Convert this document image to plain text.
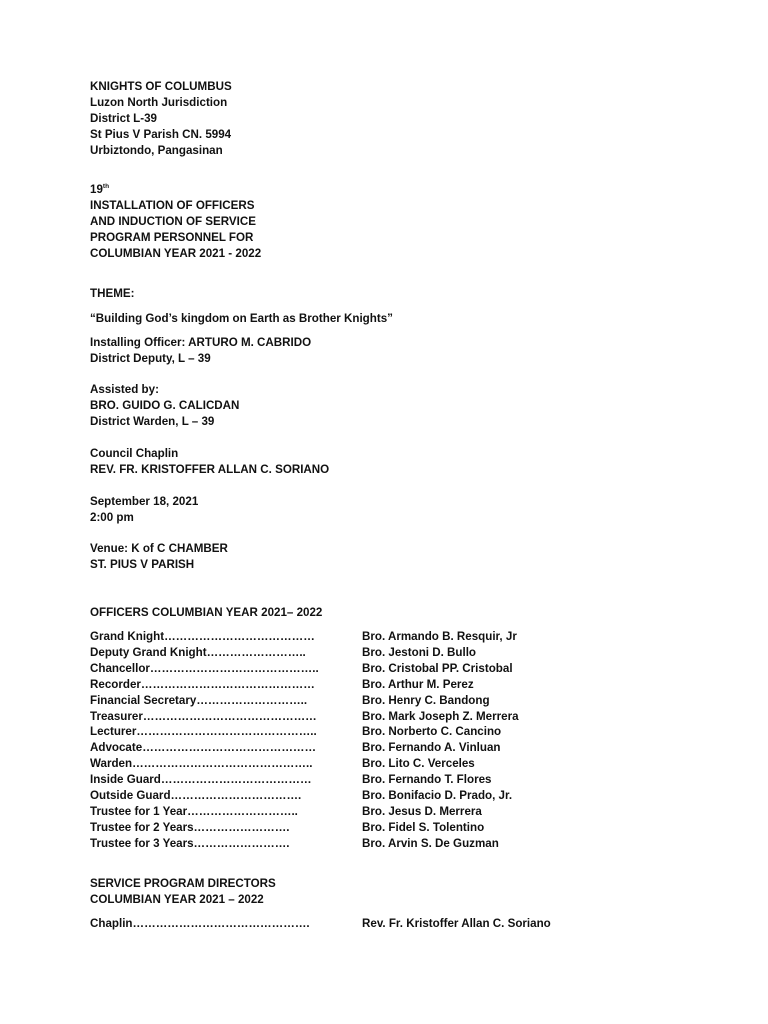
KNIGHTS OF COLUMBUS
Luzon North Jurisdiction
District L-39
St Pius V Parish CN. 5994
Urbiztondo, Pangasinan
19th
INSTALLATION OF OFFICERS
AND INDUCTION OF SERVICE
PROGRAM PERSONNEL FOR
COLUMBIAN YEAR 2021 - 2022
THEME:
“Building God’s kingdom on Earth as Brother Knights”
Installing Officer: ARTURO M. CABRIDO
District Deputy, L – 39
Assisted by:
BRO. GUIDO G. CALICDAN
District Warden, L – 39
Council Chaplin
REV. FR. KRISTOFFER ALLAN C. SORIANO
September 18, 2021
2:00 pm
Venue: K of C CHAMBER
ST. PIUS V PARISH
OFFICERS COLUMBIAN YEAR 2021– 2022
Grand Knight…………………………………	Bro. Armando B. Resquir, Jr
Deputy Grand Knight……………………..	Bro. Jestoni D. Bullo
Chancellor……………………………………..	Bro. Cristobal PP. Cristobal
Recorder………………………………………	Bro. Arthur M. Perez
Financial Secretary………………………..	Bro. Henry C. Bandong
Treasurer………………………………………	Bro. Mark Joseph Z. Merrera
Lecturer………………………………………..	Bro. Norberto C. Cancino
Advocate………………………………………	Bro. Fernando A. Vinluan
Warden………………………………………..	Bro. Lito C. Verceles
Inside Guard…………………………………	Bro. Fernando T. Flores
Outside Guard…………………………….	Bro. Bonifacio D. Prado, Jr.
Trustee for 1 Year………………………..	Bro. Jesus D. Merrera
Trustee for 2 Years…………………….	Bro. Fidel S. Tolentino
Trustee for 3 Years…………………….	Bro. Arvin S. De Guzman
SERVICE PROGRAM DIRECTORS
COLUMBIAN YEAR 2021 – 2022
Chaplin……………………………………….	Rev. Fr. Kristoffer Allan C. Soriano
